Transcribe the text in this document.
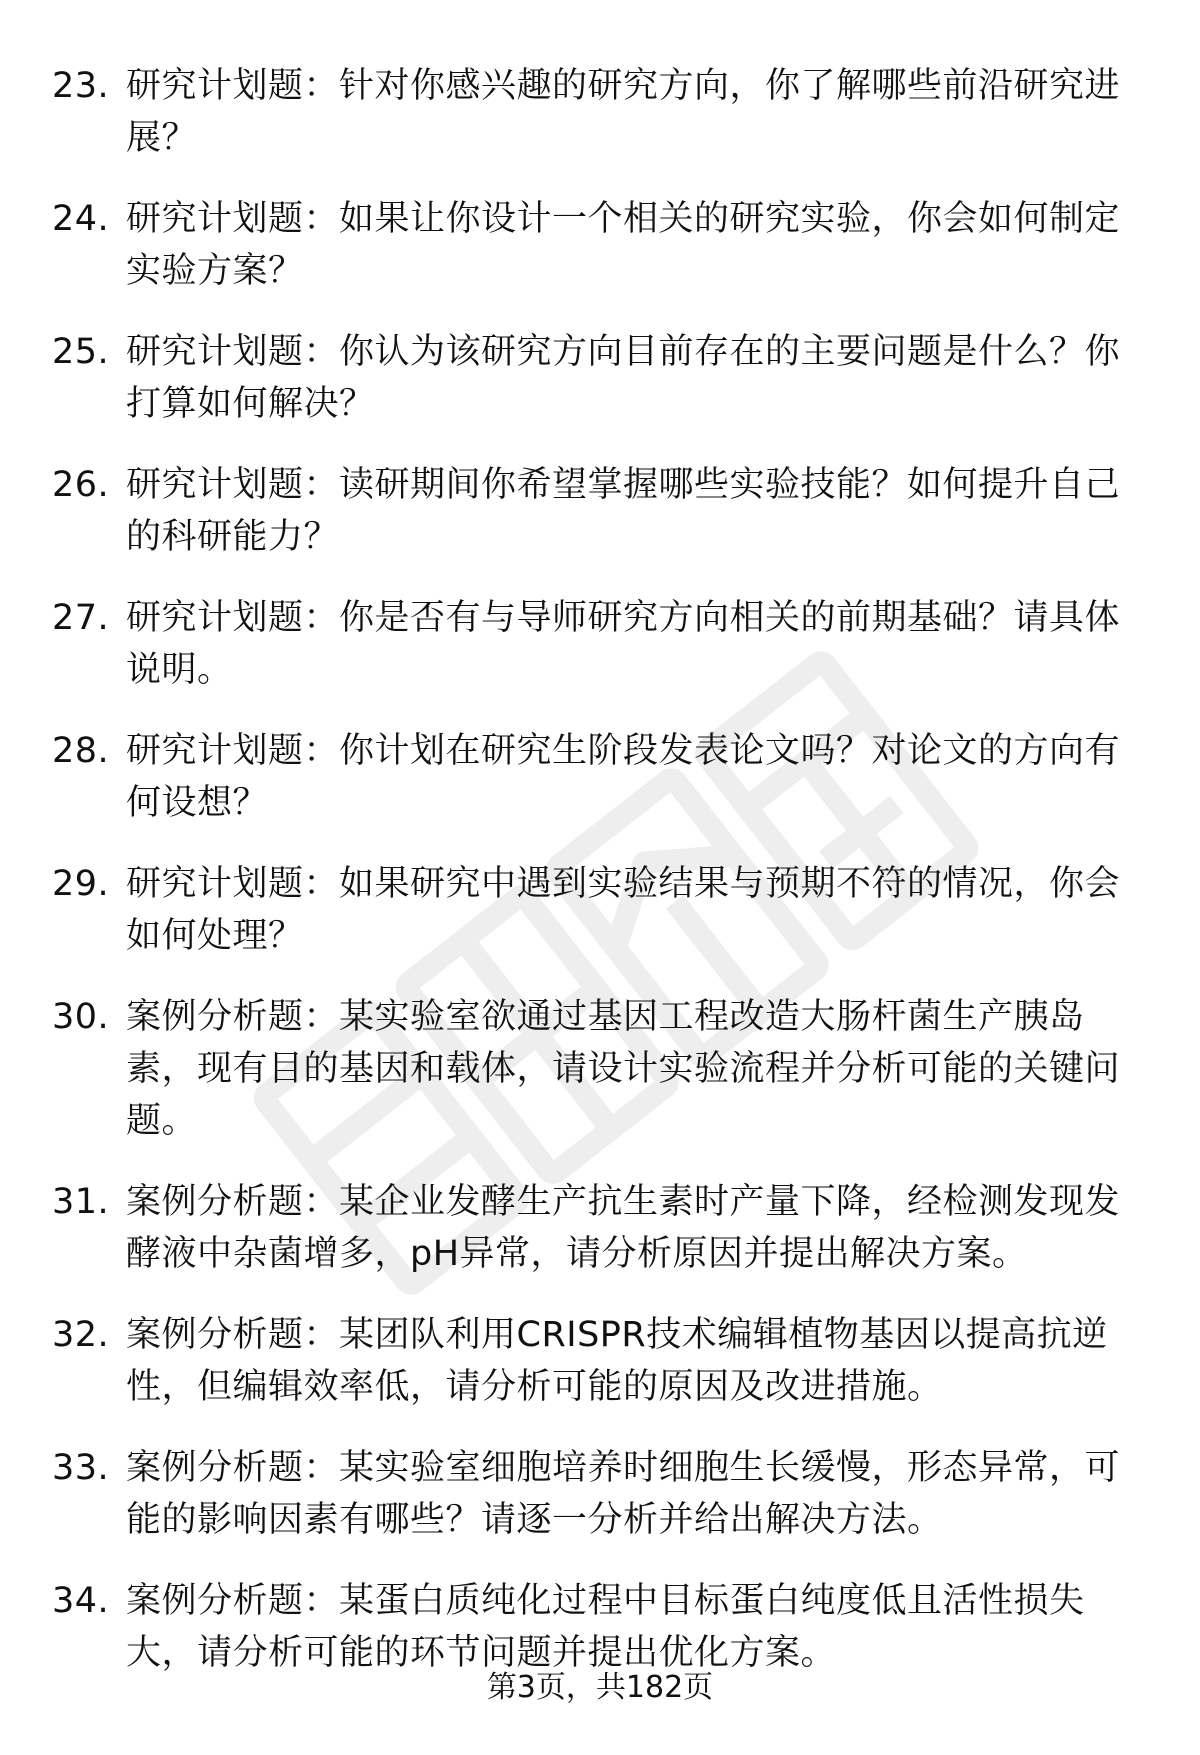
23. 研究计划题：针对你感兴趣的研究方向，你了解哪些前沿研究进展？
24. 研究计划题：如果让你设计一个相关的研究实验，你会如何制定实验方案？
25. 研究计划题：你认为该研究方向目前存在的主要问题是什么？你打算如何解决？
26. 研究计划题：读研期间你希望掌握哪些实验技能？如何提升自己的科研能力？
27. 研究计划题：你是否有与导师研究方向相关的前期基础？请具体说明。
28. 研究计划题：你计划在研究生阶段发表论文吗？对论文的方向有何设想？
29. 研究计划题：如果研究中遇到实验结果与预期不符的情况，你会如何处理？
30. 案例分析题：某实验室欲通过基因工程改造大肠杆菌生产胰岛素，现有目的基因和载体，请设计实验流程并分析可能的关键问题。
31. 案例分析题：某企业发酵生产抗生素时产量下降，经检测发现发酵液中杂菌增多，pH异常，请分析原因并提出解决方案。
32. 案例分析题：某团队利用CRISPR技术编辑植物基因以提高抗逆性，但编辑效率低，请分析可能的原因及改进措施。
33. 案例分析题：某实验室细胞培养时细胞生长缓慢，形态异常，可能的影响因素有哪些？请逐一分析并给出解决方法。
34. 案例分析题：某蛋白质纯化过程中目标蛋白纯度低且活性损失大，请分析可能的环节问题并提出优化方案。
第3页，共182页
